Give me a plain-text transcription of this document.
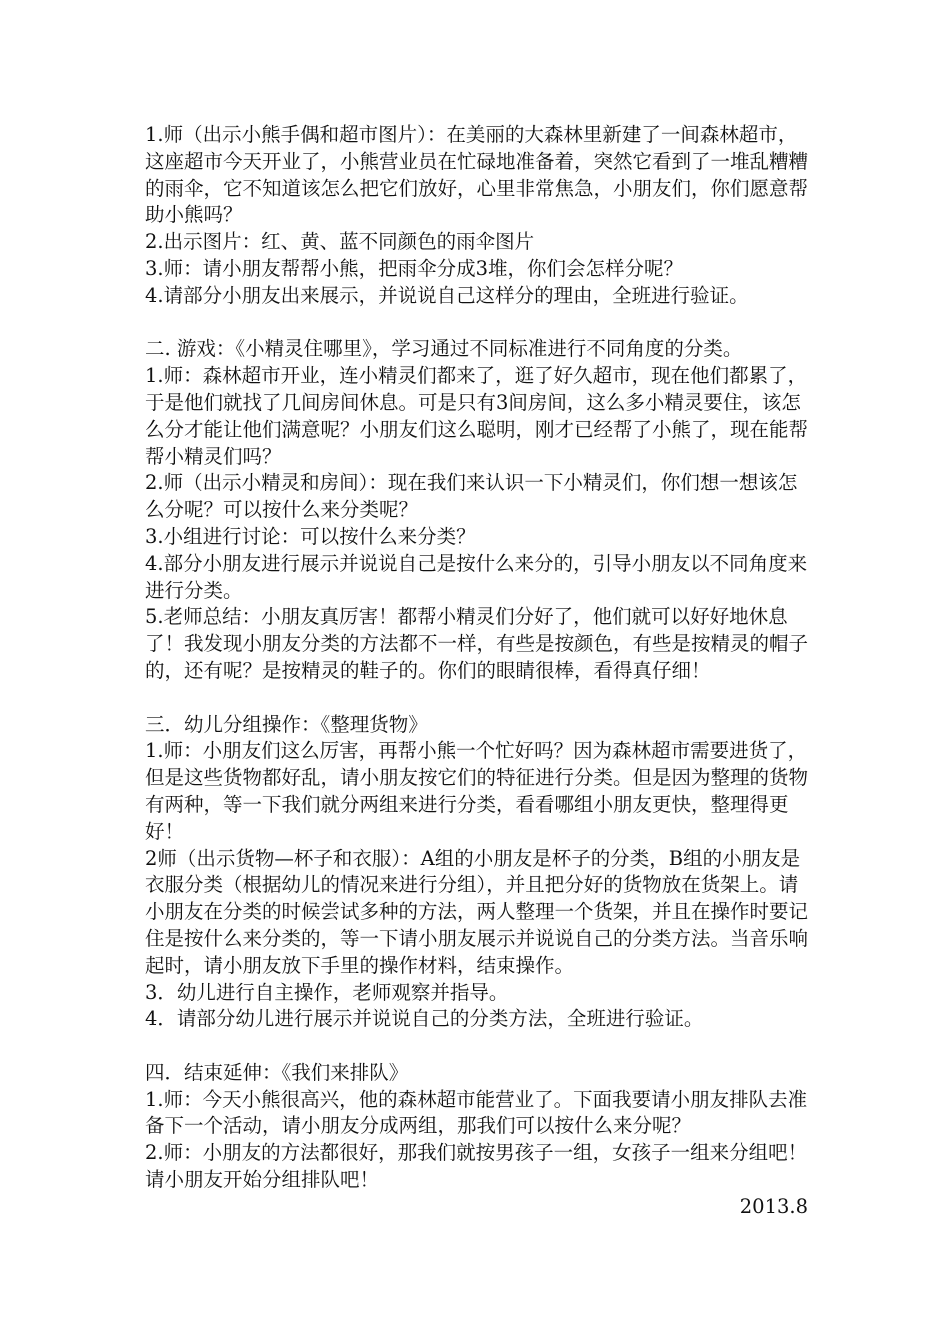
1.师（出示小熊手偶和超市图片）：在美丽的大森林里新建了一间森林超市，这座超市今天开业了，小熊营业员在忙碌地准备着，突然它看到了一堆乱糟糟的雨伞，它不知道该怎么把它们放好，心里非常焦急，小朋友们，你们愿意帮助小熊吗？
2.出示图片：红、黄、蓝不同颜色的雨伞图片
3.师：请小朋友帮帮小熊，把雨伞分成3堆，你们会怎样分呢？
4.请部分小朋友出来展示，并说说自己这样分的理由，全班进行验证。
二. 游戏：《小精灵住哪里》，学习通过不同标准进行不同角度的分类。
1.师：森林超市开业，连小精灵们都来了，逛了好久超市，现在他们都累了，于是他们就找了几间房间休息。可是只有3间房间，这么多小精灵要住，该怎么分才能让他们满意呢？小朋友们这么聪明，刚才已经帮了小熊了，现在能帮帮小精灵们吗？
2.师（出示小精灵和房间）：现在我们来认识一下小精灵们，你们想一想该怎么分呢？可以按什么来分类呢？
3.小组进行讨论：可以按什么来分类？
4.部分小朋友进行展示并说说自己是按什么来分的，引导小朋友以不同角度来进行分类。
5.老师总结：小朋友真厉害！都帮小精灵们分好了，他们就可以好好地休息了！我发现小朋友分类的方法都不一样，有些是按颜色，有些是按精灵的帽子的，还有呢？是按精灵的鞋子的。你们的眼睛很棒，看得真仔细！
三．幼儿分组操作：《整理货物》
1.师：小朋友们这么厉害，再帮小熊一个忙好吗？因为森林超市需要进货了，但是这些货物都好乱，请小朋友按它们的特征进行分类。但是因为整理的货物有两种，等一下我们就分两组来进行分类，看看哪组小朋友更快，整理得更好！
2师（出示货物—杯子和衣服）：A组的小朋友是杯子的分类，B组的小朋友是衣服分类（根据幼儿的情况来进行分组），并且把分好的货物放在货架上。请小朋友在分类的时候尝试多种的方法，两人整理一个货架，并且在操作时要记住是按什么来分类的，等一下请小朋友展示并说说自己的分类方法。当音乐响起时，请小朋友放下手里的操作材料，结束操作。
3．幼儿进行自主操作，老师观察并指导。
4．请部分幼儿进行展示并说说自己的分类方法，全班进行验证。
四．结束延伸：《我们来排队》
1.师：今天小熊很高兴，他的森林超市能营业了。下面我要请小朋友排队去准备下一个活动，请小朋友分成两组，那我们可以按什么来分呢？
2.师：小朋友的方法都很好，那我们就按男孩子一组，女孩子一组来分组吧！请小朋友开始分组排队吧！
2013.8
